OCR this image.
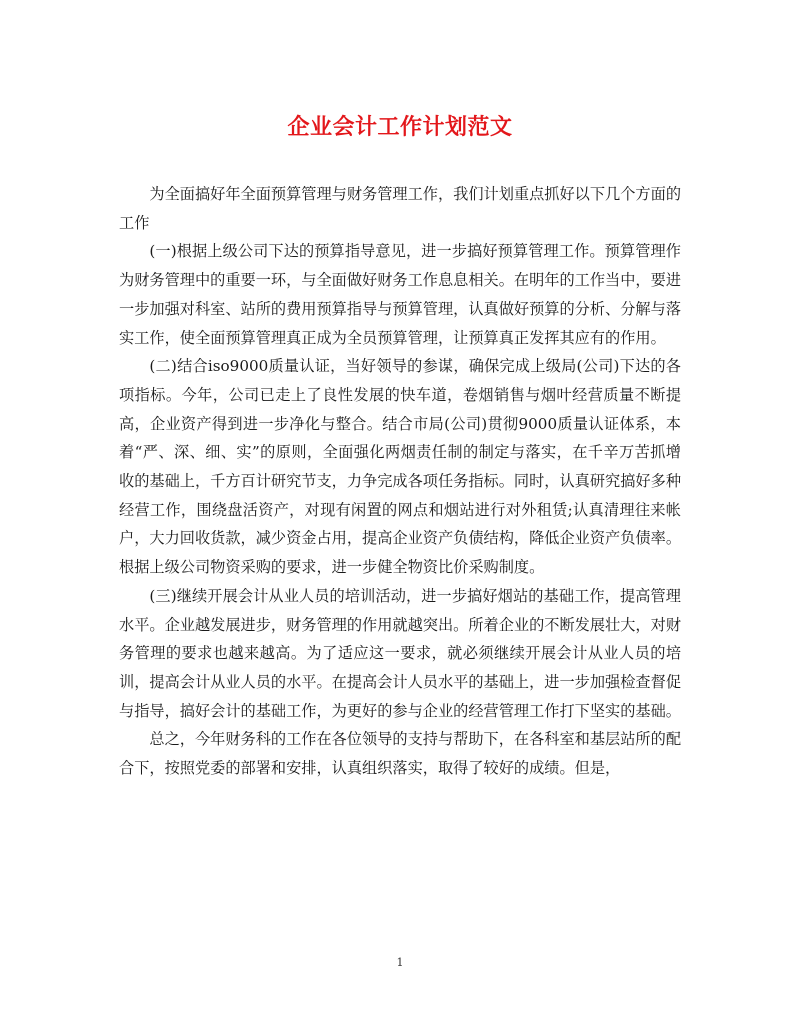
企业会计工作计划范文

为全面搞好年全面预算管理与财务管理工作，我们计划重点抓好以下几个方面的工作

(一)根据上级公司下达的预算指导意见，进一步搞好预算管理工作。预算管理作为财务管理中的重要一环，与全面做好财务工作息息相关。在明年的工作当中，要进一步加强对科室、站所的费用预算指导与预算管理，认真做好预算的分析、分解与落实工作，使全面预算管理真正成为全员预算管理，让预算真正发挥其应有的作用。

(二)结合iso9000质量认证，当好领导的参谋，确保完成上级局(公司)下达的各项指标。今年，公司已走上了良性发展的快车道，卷烟销售与烟叶经营质量不断提高，企业资产得到进一步净化与整合。结合市局(公司)贯彻9000质量认证体系，本着“严、深、细、实”的原则，全面强化两烟责任制的制定与落实，在千辛万苦抓增收的基础上，千方百计研究节支，力争完成各项任务指标。同时，认真研究搞好多种经营工作，围绕盘活资产，对现有闲置的网点和烟站进行对外租赁;认真清理往来帐户，大力回收货款，减少资金占用，提高企业资产负债结构，降低企业资产负债率。根据上级公司物资采购的要求，进一步健全物资比价采购制度。

(三)继续开展会计从业人员的培训活动，进一步搞好烟站的基础工作，提高管理水平。企业越发展进步，财务管理的作用就越突出。所着企业的不断发展壮大，对财务管理的要求也越来越高。为了适应这一要求，就必须继续开展会计从业人员的培训，提高会计从业人员的水平。在提高会计人员水平的基础上，进一步加强检查督促与指导，搞好会计的基础工作，为更好的参与企业的经营管理工作打下坚实的基础。

总之，今年财务科的工作在各位领导的支持与帮助下，在各科室和基层站所的配合下，按照党委的部署和安排，认真组织落实，取得了较好的成绩。但是，

1
